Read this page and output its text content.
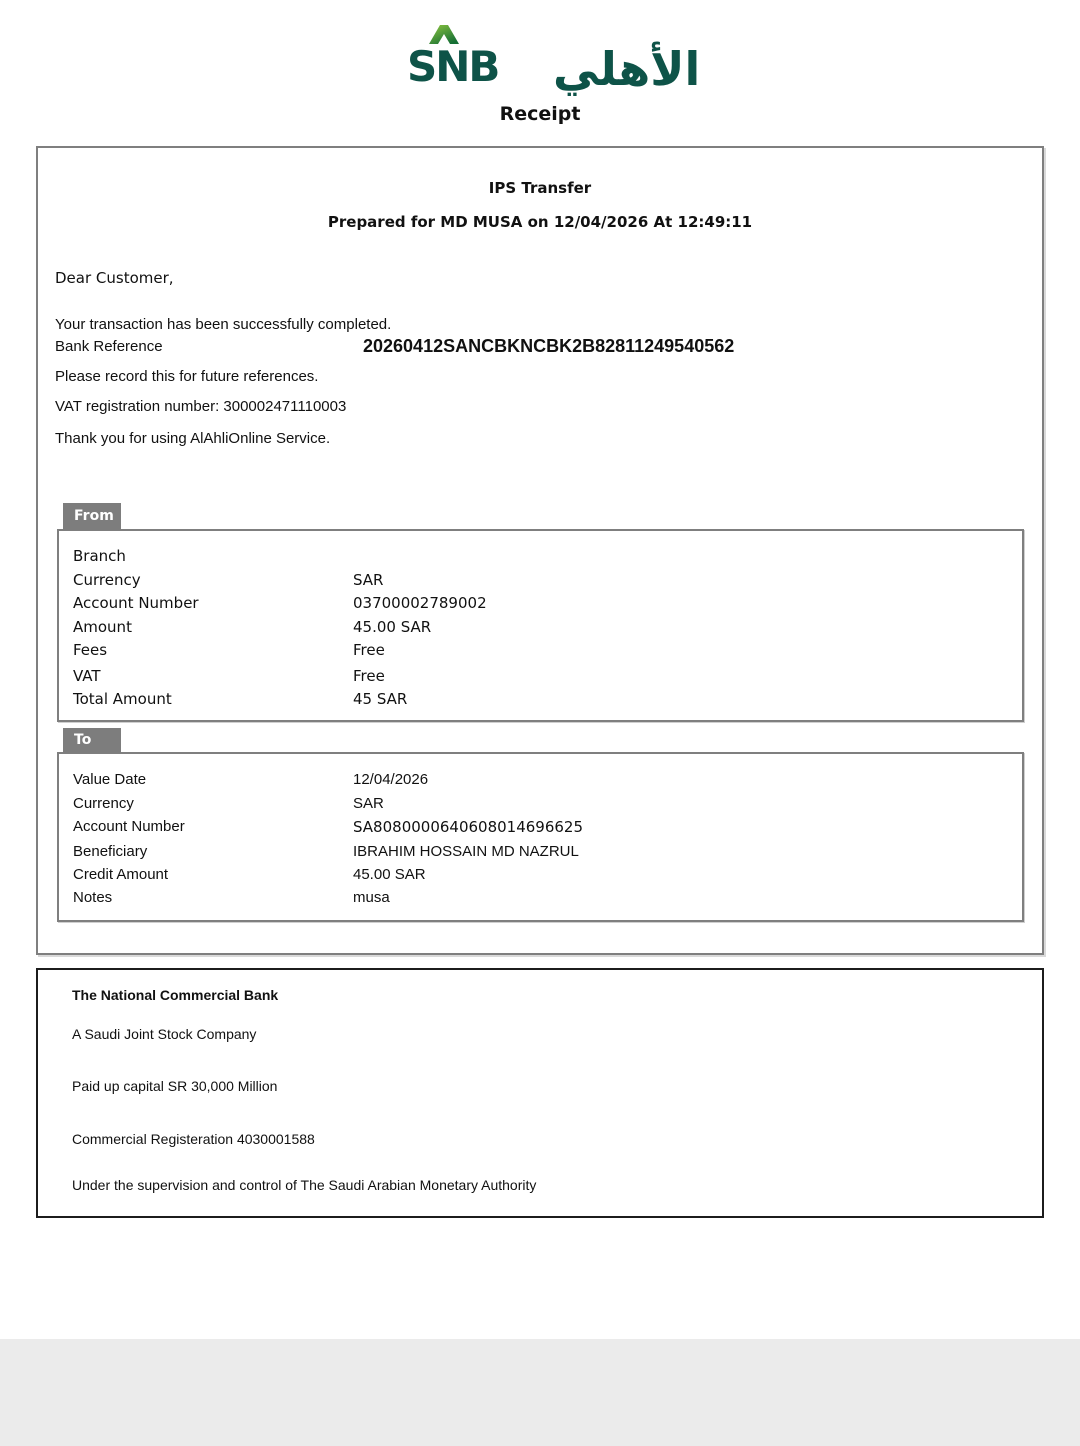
SNB الأهلي
Receipt
IPS Transfer
Prepared for MD MUSA on 12/04/2026 At 12:49:11
Dear Customer,
Your transaction has been successfully completed.
Bank Reference	20260412SANCBKNCBK2B82811249540562
Please record this for future references.
VAT registration number: 300002471110003
Thank you for using AlAhliOnline Service.
From
Branch
Currency	SAR
Account Number	03700002789002
Amount	45.00 SAR
Fees	Free
VAT	Free
Total Amount	45 SAR
To
Value Date	12/04/2026
Currency	SAR
Account Number	SA8080000640608014696625
Beneficiary	IBRAHIM HOSSAIN MD NAZRUL
Credit Amount	45.00 SAR
Notes	musa
The National Commercial Bank
A Saudi Joint Stock Company
Paid up capital SR 30,000 Million
Commercial Registeration 4030001588
Under the supervision and control of The Saudi Arabian Monetary Authority
